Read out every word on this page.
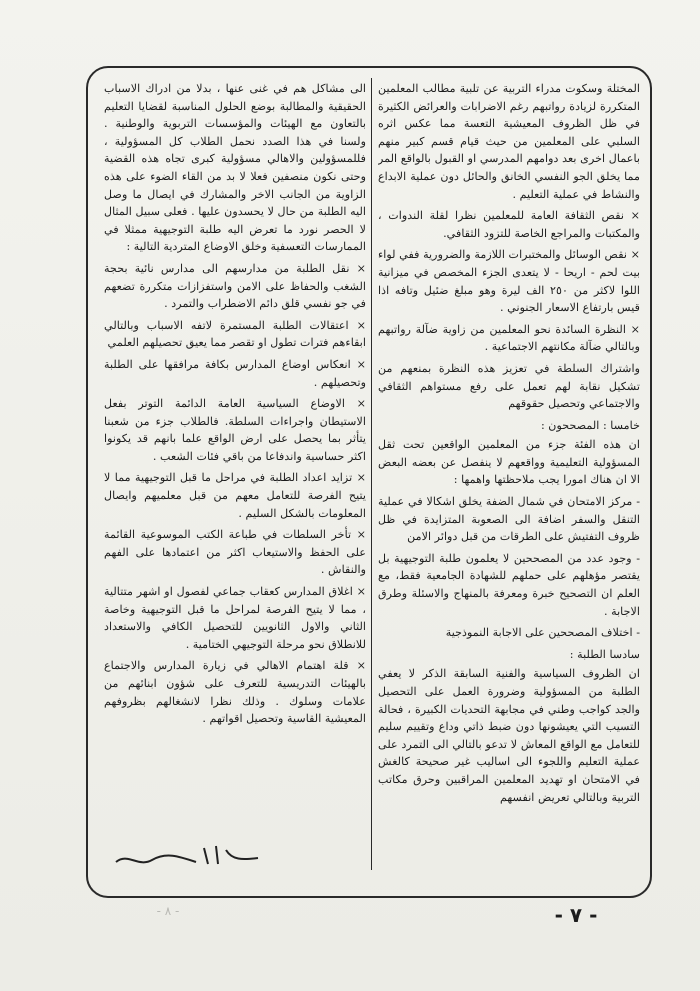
المختلة وسكوت مدراء التربية عن تلبية مطالب المعلمين المتكررة لزيادة رواتبهم رغم الاضرابات والعرائض الكثيرة في ظل الظروف المعيشية التعسة مما عكس اثره السلبي على المعلمين من حيث قيام قسم كبير منهم باعمال اخرى بعد دوامهم المدرسي او القبول بالواقع المر مما يخلق الجو النفسي الخانق والحائل دون عملية الابداع والنشاط في عملية التعليم .

× نقص الثقافة العامة للمعلمين نظرا لقلة الندوات ، والمكتبات والمراجع الخاصة للتزود الثقافي.

× نقص الوسائل والمختبرات اللازمة والضرورية ففي لواء بيت لحم - اريحا - لا يتعدى الجزء المخصص في ميزانية اللوا لاكثر من ٢٥٠ الف ليرة وهو مبلغ ضئيل وتافه اذا قيس بارتفاع الاسعار الجنوني .

× النظرة السائدة نحو المعلمين من زاوية ضآلة رواتبهم وبالتالي ضآلة مكانتهم الاجتماعية .

واشتراك السلطة في تعزيز هذه النظرة بمنعهم من تشكيل نقابة لهم تعمل على رفع مستواهم الثقافي والاجتماعي وتحصيل حقوقهم

خامسا : المصححون :

ان هذه الفئة جزء من المعلمين الواقعين تحت ثقل المسؤولية التعليمية وواقعهم لا ينفصل عن بعضه البعض الا ان هناك امورا يجب ملاحظتها واهمها :

- مركز الامتحان في شمال الضفة يخلق اشكالا في عملية التنقل والسفر اضافة الى الصعوبة المتزايدة في ظل ظروف التفتيش على الطرقات من قبل دوائر الامن

- وجود عدد من المصححين لا يعلمون طلبة التوجيهية بل يقتصر مؤهلهم على حملهم للشهادة الجامعية فقط، مع العلم ان التصحيح خبرة ومعرفة بالمنهاج والاسئلة وطرق الاجابة .

- اختلاف المصححين على الاجابة النموذجية

سادسا الطلبة :

ان الظروف السياسية والفنية السابقة الذكر لا يعفي الطلبة من المسؤولية وضرورة العمل على التحصيل والجد كواجب وطني في مجابهة التحديات الكبيرة ، فحالة التسيب التي يعيشونها دون ضبط ذاتي وداع وتقييم سليم للتعامل مع الواقع المعاش لا تدعو بالتالي الى التمرد على عملية التعليم واللجوء الى اساليب غير صحيحة كالغش في الامتحان او تهديد المعلمين المراقبين وحرق مكاتب التربية وبالتالي تعريض انفسهم

الى مشاكل هم في غنى عنها ، بدلا من ادراك الاسباب الحقيقية والمطالبة بوضع الحلول المناسبة لقضايا التعليم بالتعاون مع الهيئات والمؤسسات التربوية والوطنية . ولسنا في هذا الصدد نحمل الطلاب كل المسؤولية ، فللمسؤولين والاهالي مسؤولية كبرى تجاه هذه القضية وحتى نكون منصفين فعلا لا بد من القاء الضوء على هذه الزاوية من الجانب الاخر والمشارك في ايصال ما وصل اليه الطلبة من حال لا يحسدون عليها . فعلى سبيل المثال لا الحصر نورد ما تعرض اليه طلبة التوجيهية ممثلا في الممارسات التعسفية وخلق الاوضاع المتردية التالية :

× نقل الطلبة من مدارسهم الى مدارس نائية بحجة الشغب والحفاظ على الامن واستفزازات متكررة تضعهم في جو نفسي قلق دائم الاضطراب والتمرد .

× اعتقالات الطلبة المستمرة لاتفه الاسباب وبالتالي ابقاءهم فترات تطول او تقصر مما يعيق تحصيلهم العلمي

× انعكاس اوضاع المدارس بكافة مرافقها على الطلبة وتحصيلهم .

× الاوضاع السياسية العامة الدائمة التوتر بفعل الاستيطان واجراءات السلطة. فالطلاب جزء من شعبنا يتأثر بما يحصل على ارض الواقع علما بانهم قد يكونوا اكثر حساسية واندفاعا من باقي فئات الشعب .

× تزايد اعداد الطلبة في مراحل ما قبل التوجيهية مما لا يتيح الفرصة للتعامل معهم من قبل معلميهم وايصال المعلومات بالشكل السليم .

× تأخر السلطات في طباعة الكتب الموسوعية القائمة على الحفظ والاستيعاب اكثر من اعتمادها على الفهم والنقاش .

× اغلاق المدارس كعقاب جماعي لفصول او اشهر متتالية ، مما لا يتيح الفرصة لمراحل ما قبل التوجيهية وخاصة الثاني والاول الثانويين للتحصيل الكافي والاستعداد للانطلاق نحو مرحلة التوجيهي الختامية .

× قلة اهتمام الاهالي في زيارة المدارس والاجتماع بالهيئات التدريسية للتعرف على شؤون ابنائهم من علامات وسلوك . وذلك نظرا لانشغالهم بظروفهم المعيشية القاسية وتحصيل اقواتهم .

- ٨ -	- ٧ -
